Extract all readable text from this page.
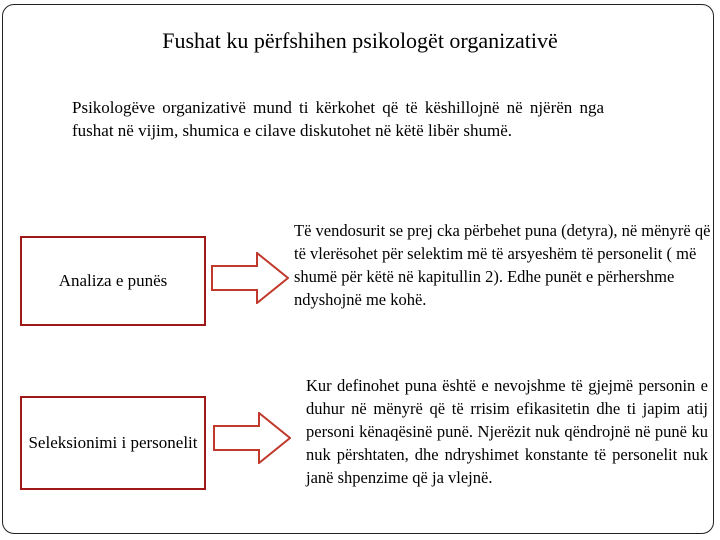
Fushat ku përfshihen psikologët organizativë
Psikologëve organizativë mund ti kërkohet që të këshillojnë në njërën nga fushat në vijim, shumica e cilave diskutohet në këtë libër shumë.
Analiza e punës
Të vendosurit se prej cka përbehet puna (detyra), në mënyrë që të vlerësohet për selektim më të arsyeshëm të personelit ( më shumë për këtë në kapitullin 2). Edhe punët e përhershme ndyshojnë me kohë.
Seleksionimi i personelit
Kur definohet puna është e nevojshme të gjejmë personin e duhur në mënyrë që të rrisim efikasitetin dhe ti japim atij personi kënaqësinë punë. Njerëzit nuk qëndrojnë në punë ku nuk përshtaten, dhe ndryshimet konstante të personelit nuk janë shpenzime që ja vlejnë.
